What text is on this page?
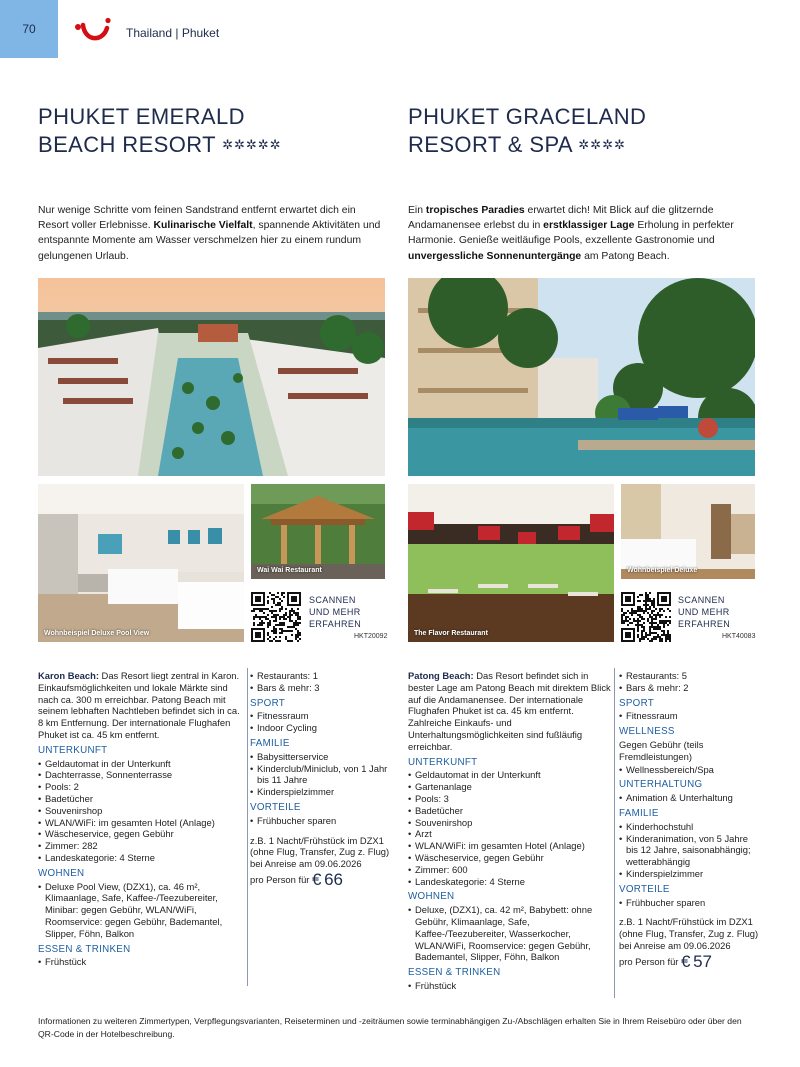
70	Thailand | Phuket
PHUKET EMERALD
BEACH RESORT ✲✲✲✲✲
Nur wenige Schritte vom feinen Sandstrand entfernt erwartet dich ein Resort voller Erlebnisse. Kulinarische Vielfalt, spannende Aktivitäten und entspannte Momente am Wasser verschmelzen hier zu einem rundum gelungenen Urlaub.
Wohnbeispiel Deluxe Pool View
Wai Wai Restaurant
SCANNEN
UND MEHR
ERFAHREN
HKT20092

Karon Beach: Das Resort liegt zentral in Karon. Einkaufsmöglichkeiten und lokale Märkte sind nach ca. 300 m erreichbar. Patong Beach mit seinem lebhaften Nachtleben befindet sich in ca. 8 km Entfernung. Der internationale Flughafen Phuket ist ca. 45 km entfernt.

UNTERKUNFT
• Geldautomat in der Unterkunft
• Dachterrasse, Sonnenterrasse
• Pools: 2
• Badetücher
• Souvenirshop
• WLAN/WiFi: im gesamten Hotel (Anlage)
• Wäscheservice, gegen Gebühr
• Zimmer: 282
• Landeskategorie: 4 Sterne
WOHNEN
• Deluxe Pool View, (DZX1), ca. 46 m², Klimaanlage, Safe, Kaffee-/Teezubereiter, Minibar: gegen Gebühr, WLAN/WiFi, Roomservice: gegen Gebühr, Bademantel, Slipper, Föhn, Balkon
ESSEN & TRINKEN
• Frühstück
• Restaurants: 1
• Bars & mehr: 3
SPORT
• Fitnessraum
• Indoor Cycling
FAMILIE
• Babysitterservice
• Kinderclub/Miniclub, von 1 Jahr bis 11 Jahre
• Kinderspielzimmer
VORTEILE
• Frühbucher sparen

z.B. 1 Nacht/Frühstück im DZX1 (ohne Flug, Transfer, Zug z. Flug) bei Anreise am 09.06.2026

pro Person für € 66

PHUKET GRACELAND
RESORT & SPA ✲✲✲✲
Ein tropisches Paradies erwartet dich! Mit Blick auf die glitzernde Andamanensee erlebst du in erstklassiger Lage Erholung in perfekter Harmonie. Genieße weitläufige Pools, exzellente Gastronomie und unvergessliche Sonnenuntergänge am Patong Beach.
The Flavor Restaurant
Wohnbeispiel Deluxe
SCANNEN
UND MEHR
ERFAHREN
HKT40083

Patong Beach: Das Resort befindet sich in bester Lage am Patong Beach mit direktem Blick auf die Andamanensee. Der internationale Flughafen Phuket ist ca. 45 km entfernt. Zahlreiche Einkaufs- und Unterhaltungsmöglichkeiten sind fußläufig erreichbar.

UNTERKUNFT
• Geldautomat in der Unterkunft
• Gartenanlage
• Pools: 3
• Badetücher
• Souvenirshop
• Arzt
• WLAN/WiFi: im gesamten Hotel (Anlage)
• Wäscheservice, gegen Gebühr
• Zimmer: 600
• Landeskategorie: 4 Sterne
WOHNEN
• Deluxe, (DZX1), ca. 42 m², Babybett: ohne Gebühr, Klimaanlage, Safe, Kaffee-/Teezubereiter, Wasserkocher, WLAN/WiFi, Roomservice: gegen Gebühr, Bademantel, Slipper, Föhn, Balkon
ESSEN & TRINKEN
• Frühstück
• Restaurants: 5
• Bars & mehr: 2
SPORT
• Fitnessraum
WELLNESS

Gegen Gebühr (teils Fremdleistungen)

• Wellnessbereich/Spa
UNTERHALTUNG
• Animation & Unterhaltung
FAMILIE
• Kinderhochstuhl
• Kinderanimation, von 5 Jahre bis 12 Jahre, saisonabhängig; wetterabhängig
• Kinderspielzimmer
VORTEILE
• Frühbucher sparen

z.B. 1 Nacht/Frühstück im DZX1 (ohne Flug, Transfer, Zug z. Flug) bei Anreise am 09.06.2026

pro Person für € 57

Informationen zu weiteren Zimmertypen, Verpflegungsvarianten, Reiseterminen und -zeiträumen sowie terminabhängigen Zu-/Abschlägen erhalten Sie in Ihrem Reisebüro oder über den QR-Code in der Hotelbeschreibung.
